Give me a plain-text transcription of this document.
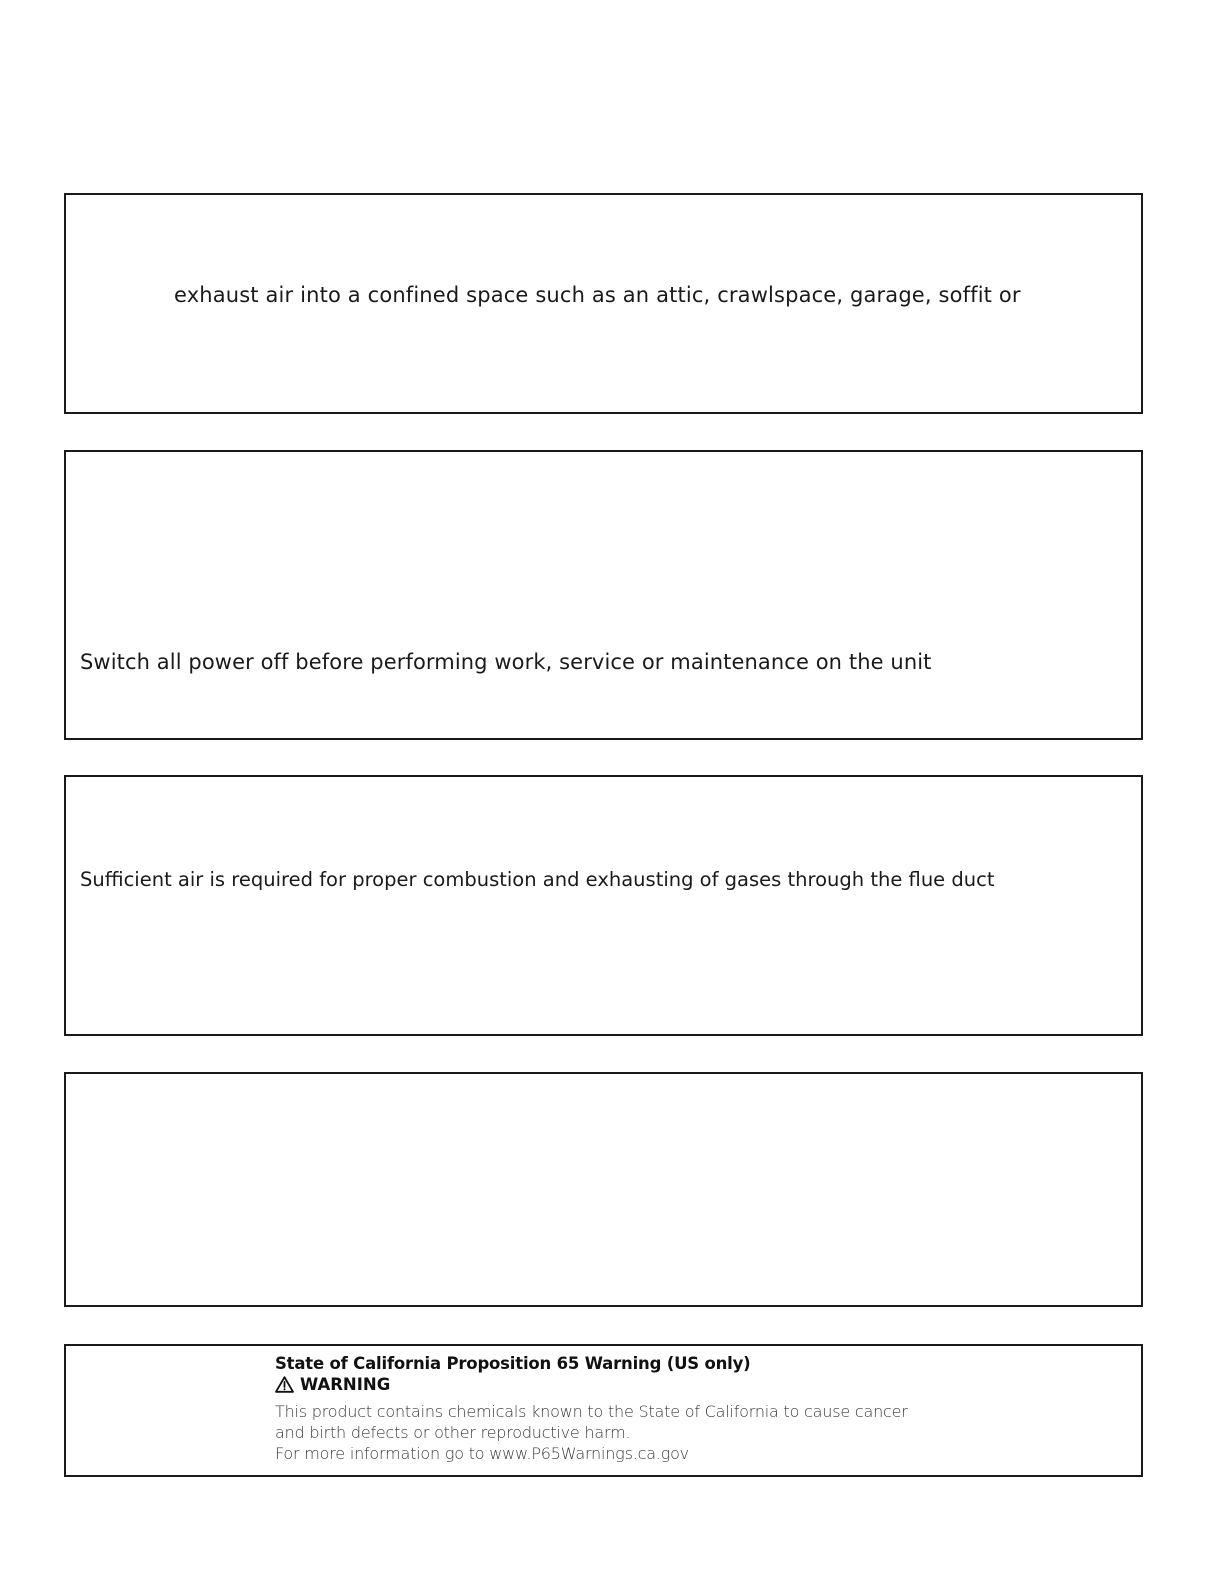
exhaust air into a confined space such as an attic, crawlspace, garage, soffit or
Switch all power off before performing work, service or maintenance on the unit
Sufficient air is required for proper combustion and exhausting of gases through the flue duct
State of California Proposition 65 Warning (US only)
WARNING
This product contains chemicals known to the State of California to cause cancer
and birth defects or other reproductive harm.
For more information go to www.P65Warnings.ca.gov
